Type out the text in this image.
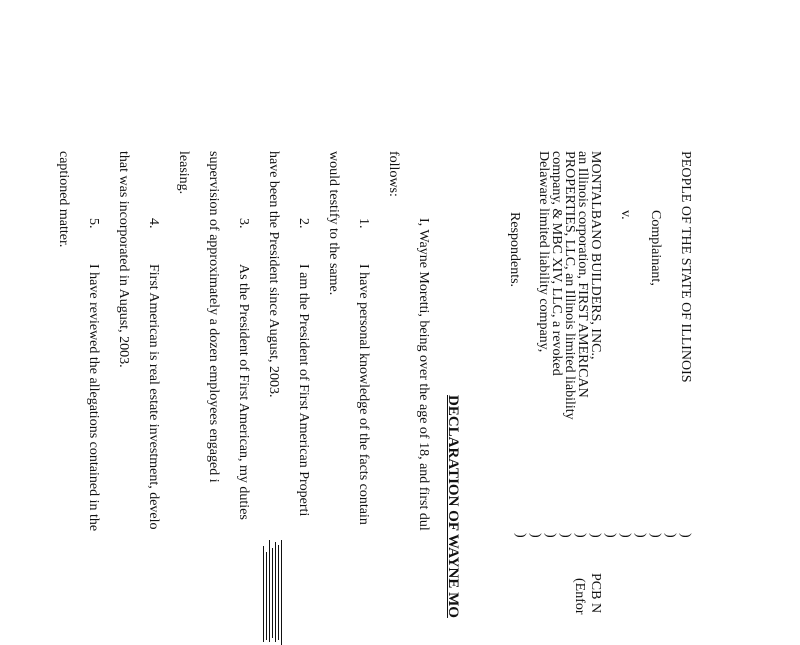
PEOPLE OF THE STATE OF ILLINOIS
Complainant,
v.
MONTALBANO BUILDERS, INC.,
an Illinois corporation, FIRST AMERICAN
PROPERTIES, LLC, an Illinois limited liability
company, & MBC XIV, LLC, a revoked
Delaware limited liability company,
Respondents.
)
)
)
)
)
)
)
)
)
)
)
)
PCB N
(Enfor
DECLARATION OF WAYNE MO
I, Wayne Moretti, being over the age of 18, and first dul
follows:
1.
I have personal knowledge of the facts contain
would testify to the same.
2.
I am the President of First American Properti
have been the President since August, 2003.
3.
As the President of First American, my duties
supervision of approximately a dozen employees engaged i
leasing.
4.
First American is real estate investment, develo
that was incorporated in August, 2003.
5.
I have reviewed the allegations contained in the
captioned matter.
